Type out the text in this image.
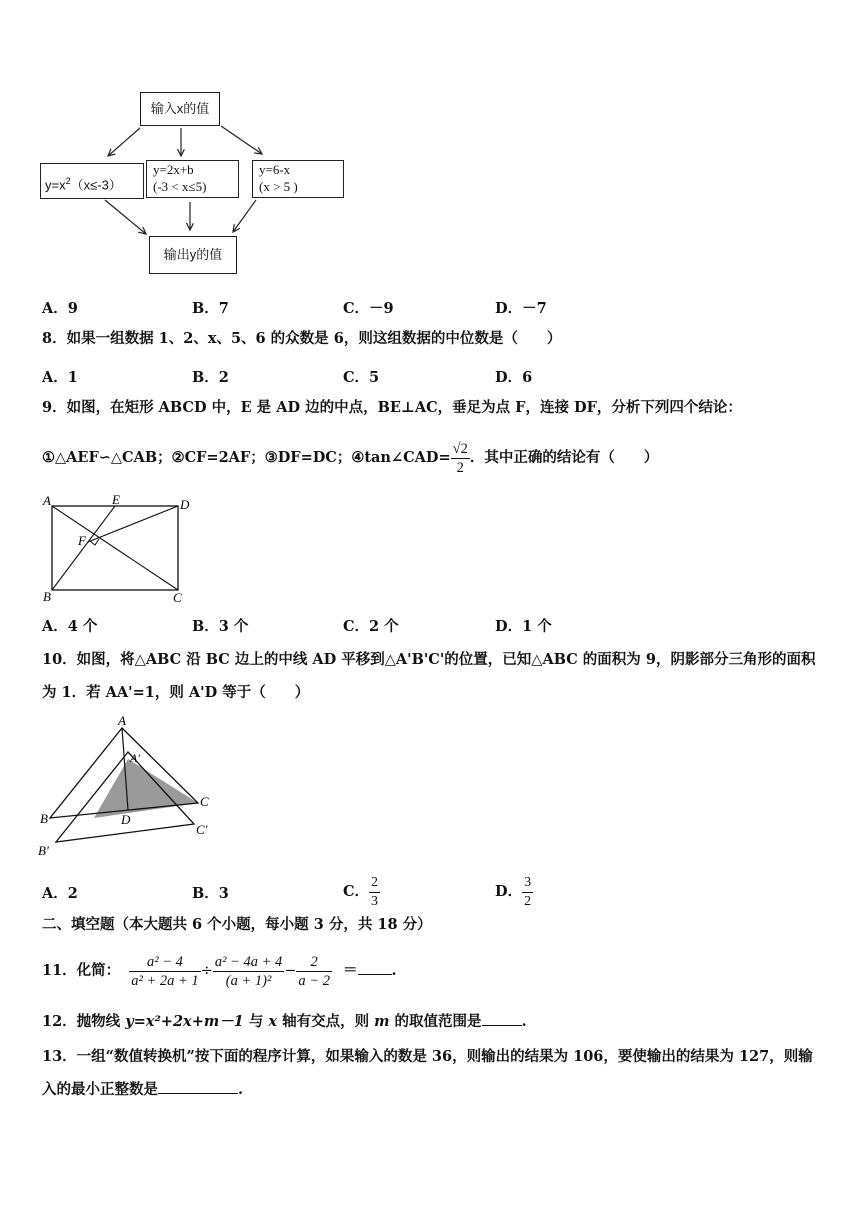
输入x的值
$y=x^2(x\le-3)$
y=2x+b
(-3 < x≤5)
y=6-x
(x > 5 )
输出y的值
A．9	B．7	C．－9	D．－7
8．如果一组数据 1、2、x、5、6 的众数是 6，则这组数据的中位数是（　　）
A．1	B．2	C．5	D．6
9．如图，在矩形 ABCD 中，E 是 AD 边的中点，BE⊥AC，垂足为点 F，连接 DF，分析下列四个结论：
①△AEF∽△CAB；②CF=2AF；③DF=DC；④tan∠CAD= $\frac{√2}{2}$ ．其中正确的结论有（　　）
A	E	D
F
B	C
A．4 个	B．3 个	C．2 个	D．1 个
10．如图，将△ABC 沿 BC 边上的中线 AD 平移到△A'B'C'的位置，已知△ABC 的面积为 9，阴影部分三角形的面积
为 1．若 AA'=1，则 A'D 等于（　　）
A
A'
B	D
C
B'
C'
A．2	B．3	C． $\frac{2}{3}$	D． $\frac{3}{2}$
二、填空题（本大题共 6 个小题，每小题 3 分，共 18 分）
11．化简： $\frac{\text{a² − 4}}{\text{a² + 2a + 1}} \div \frac{\text{a² − 4a + 4}}{\text{(a + 1)²}} - \frac{2}{a - 2}$ ＝ .
12．抛物线 y=x²+2x+m－1 与 x 轴有交点，则 m 的取值范围是	.
13．一组“数值转换机”按下面的程序计算，如果输入的数是 36，则输出的结果为 106，要使输出的结果为 127，则输
入的最小正整数是	.
